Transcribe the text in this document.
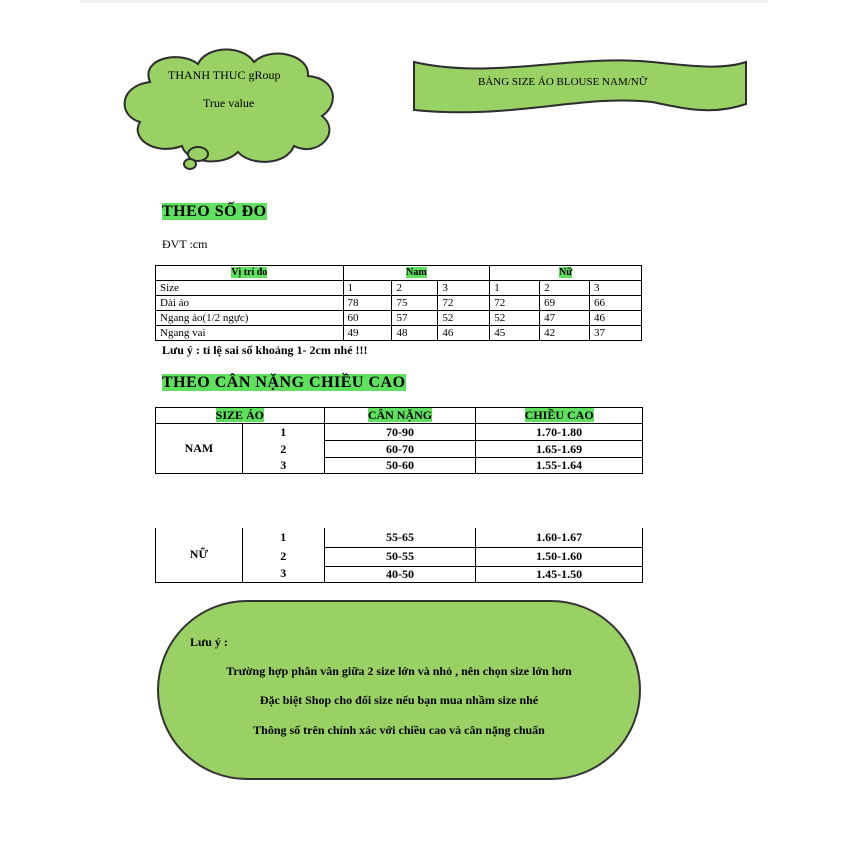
THANH THUC gRoup
True value
BẢNG SIZE ÁO BLOUSE NAM/NỮ
THEO SỐ ĐO
ĐVT :cm
Vị trí đo	Nam			Nữ		
Size	1	2	3	1	2	3
Dài áo	78	75	72	72	69	66
Ngang áo(1/2 ngực)	60	57	52	52	47	46
Ngang vai	49	48	46	45	42	37
Lưu ý : tỉ lệ sai số khoảng 1- 2cm nhé !!!
THEO CÂN NẶNG CHIỀU CAO
SIZE ÁO		CÂN NẶNG	CHIỀU CAO
NAM	1	70-90	1.70-1.80
	2	60-70	1.65-1.69
	3	50-60	1.55-1.64
NỮ	1	55-65	1.60-1.67
	2	50-55	1.50-1.60
	3	40-50	1.45-1.50
Lưu ý :
Trường hợp phân vân giữa 2 size lớn và nhỏ , nên chọn size lớn hơn
Đặc biệt Shop cho đổi size nếu bạn mua nhầm size nhé
Thông số trên chính xác với chiều cao và cân nặng chuẩn
